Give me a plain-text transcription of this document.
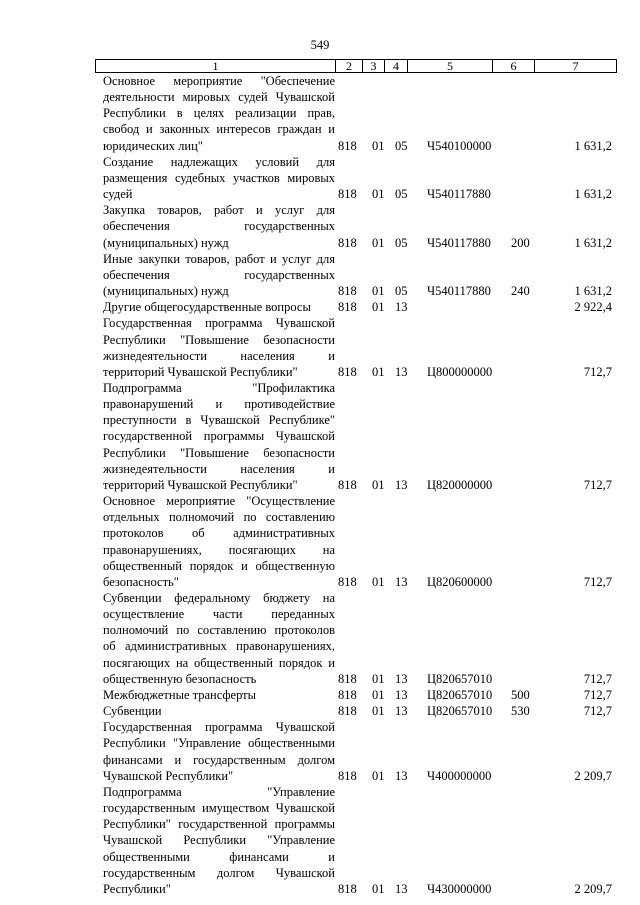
549
1	2	3	4	5	6	7
Основное мероприятие "Обеспечение деятельности мировых судей Чувашской Республики в целях реализации прав, свобод и законных интересов граждан и юридических лиц"	818 01 05 Ч540100000	1 631,2
Создание надлежащих условий для размещения судебных участков мировых судей	818 01 05 Ч540117880	1 631,2
Закупка товаров, работ и услуг для обеспечения государственных (муниципальных) нужд	818 01 05 Ч540117880 200	1 631,2
Иные закупки товаров, работ и услуг для обеспечения государственных (муниципальных) нужд	818 01 05 Ч540117880 240	1 631,2
Другие общегосударственные вопросы	818 01 13	2 922,4
Государственная программа Чувашской Республики "Повышение безопасности жизнедеятельности населения и территорий Чувашской Республики"	818 01 13 Ц800000000	712,7
Подпрограмма "Профилактика правонарушений и противодействие преступности в Чувашской Республике" государственной программы Чувашской Республики "Повышение безопасности жизнедеятельности населения и территорий Чувашской Республики"	818 01 13 Ц820000000	712,7
Основное мероприятие "Осуществление отдельных полномочий по составлению протоколов об административных правонарушениях, посягающих на общественный порядок и общественную безопасность"	818 01 13 Ц820600000	712,7
Субвенции федеральному бюджету на осуществление части переданных полномочий по составлению протоколов об административных правонарушениях, посягающих на общественный порядок и общественную безопасность	818 01 13 Ц820657010	712,7
Межбюджетные трансферты	818 01 13 Ц820657010 500	712,7
Субвенции	818 01 13 Ц820657010 530	712,7
Государственная программа Чувашской Республики "Управление общественными финансами и государственным долгом Чувашской Республики"	818 01 13 Ч400000000	2 209,7
Подпрограмма "Управление государственным имуществом Чувашской Республики" государственной программы Чувашской Республики "Управление общественными финансами и государственным долгом Чувашской Республики"	818 01 13 Ч430000000	2 209,7
